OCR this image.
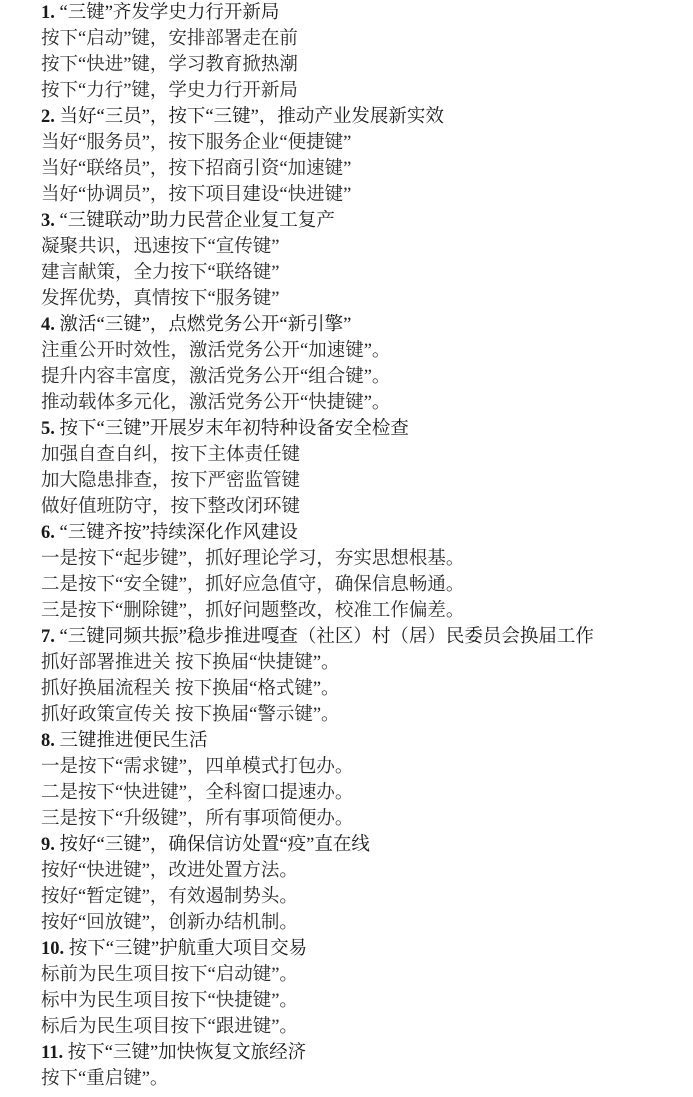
1. “三键”齐发学史力行开新局
按下“启动”键，安排部署走在前
按下“快进”键，学习教育掀热潮
按下“力行”键，学史力行开新局
2. 当好“三员”，按下“三键”，推动产业发展新实效
当好“服务员”，按下服务企业“便捷键”
当好“联络员”，按下招商引资“加速键”
当好“协调员”，按下项目建设“快进键”
3. “三键联动”助力民营企业复工复产
凝聚共识，迅速按下“宣传键”
建言献策，全力按下“联络键”
发挥优势，真情按下“服务键”
4. 激活“三键”，点燃党务公开“新引擎”
注重公开时效性，激活党务公开“加速键”。
提升内容丰富度，激活党务公开“组合键”。
推动载体多元化，激活党务公开“快捷键”。
5. 按下“三键”开展岁末年初特种设备安全检查
加强自查自纠，按下主体责任键
加大隐患排查，按下严密监管键
做好值班防守，按下整改闭环键
6. “三键齐按”持续深化作风建设
一是按下“起步键”，抓好理论学习，夯实思想根基。
二是按下“安全键”，抓好应急值守，确保信息畅通。
三是按下“删除键”，抓好问题整改，校准工作偏差。
7. “三键同频共振”稳步推进嘎查（社区）村（居）民委员会换届工作
抓好部署推进关 按下换届“快捷键”。
抓好换届流程关 按下换届“格式键”。
抓好政策宣传关 按下换届“警示键”。
8. 三键推进便民生活
一是按下“需求键”，四单模式打包办。
二是按下“快进键”，全科窗口提速办。
三是按下“升级键”，所有事项简便办。
9. 按好“三键”，确保信访处置“疫”直在线
按好“快进键”，改进处置方法。
按好“暂定键”，有效遏制势头。
按好“回放键”，创新办结机制。
10. 按下“三键”护航重大项目交易
标前为民生项目按下“启动键”。
标中为民生项目按下“快捷键”。
标后为民生项目按下“跟进键”。
11. 按下“三键”加快恢复文旅经济
按下“重启键”。
